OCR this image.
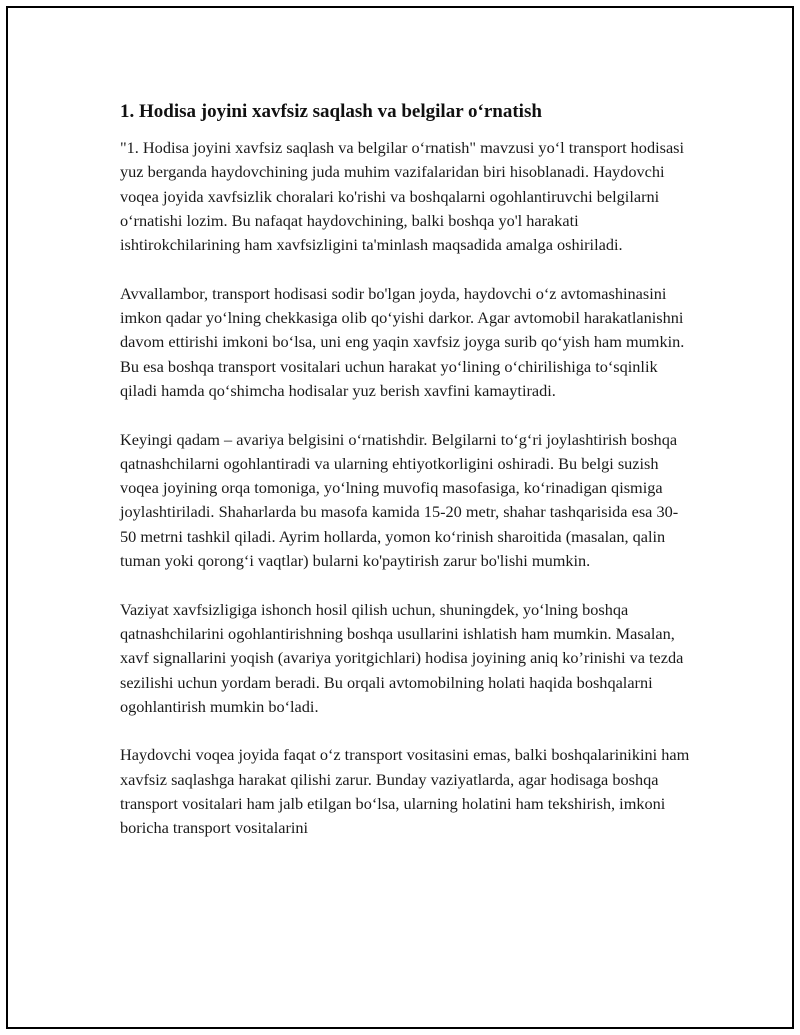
1. Hodisa joyini xavfsiz saqlash va belgilar o‘rnatish

"1. Hodisa joyini xavfsiz saqlash va belgilar o‘rnatish" mavzusi yo‘l transport hodisasi yuz berganda haydovchining juda muhim vazifalaridan biri hisoblanadi. Haydovchi voqea joyida xavfsizlik choralari ko'rishi va boshqalarni ogohlantiruvchi belgilarni o‘rnatishi lozim. Bu nafaqat haydovchining, balki boshqa yo'l harakati ishtirokchilarining ham xavfsizligini ta'minlash maqsadida amalga oshiriladi.

Avvallambor, transport hodisasi sodir bo'lgan joyda, haydovchi o‘z avtomashinasini imkon qadar yo‘lning chekkasiga olib qo‘yishi darkor. Agar avtomobil harakatlanishni davom ettirishi imkoni bo‘lsa, uni eng yaqin xavfsiz joyga surib qo‘yish ham mumkin. Bu esa boshqa transport vositalari uchun harakat yo‘lining o‘chirilishiga to‘sqinlik qiladi hamda qo‘shimcha hodisalar yuz berish xavfini kamaytiradi.

Keyingi qadam – avariya belgisini o‘rnatishdir. Belgilarni to‘g‘ri joylashtirish boshqa qatnashchilarni ogohlantiradi va ularning ehtiyotkorligini oshiradi. Bu belgi suzish voqea joyining orqa tomoniga, yo‘lning muvofiq masofasiga, ko‘rinadigan qismiga joylashtiriladi. Shaharlarda bu masofa kamida 15-20 metr, shahar tashqarisida esa 30-50 metrni tashkil qiladi. Ayrim hollarda, yomon ko‘rinish sharoitida (masalan, qalin tuman yoki qorong‘i vaqtlar) bularni ko'paytirish zarur bo'lishi mumkin.

Vaziyat xavfsizligiga ishonch hosil qilish uchun, shuningdek, yo‘lning boshqa qatnashchilarini ogohlantirishning boshqa usullarini ishlatish ham mumkin. Masalan, xavf signallarini yoqish (avariya yoritgichlari) hodisa joyining aniq ko’rinishi va tezda sezilishi uchun yordam beradi. Bu orqali avtomobilning holati haqida boshqalarni ogohlantirish mumkin bo‘ladi.

Haydovchi voqea joyida faqat o‘z transport vositasini emas, balki boshqalarinikini ham xavfsiz saqlashga harakat qilishi zarur. Bunday vaziyatlarda, agar hodisaga boshqa transport vositalari ham jalb etilgan bo‘lsa, ularning holatini ham tekshirish, imkoni boricha transport vositalarini
